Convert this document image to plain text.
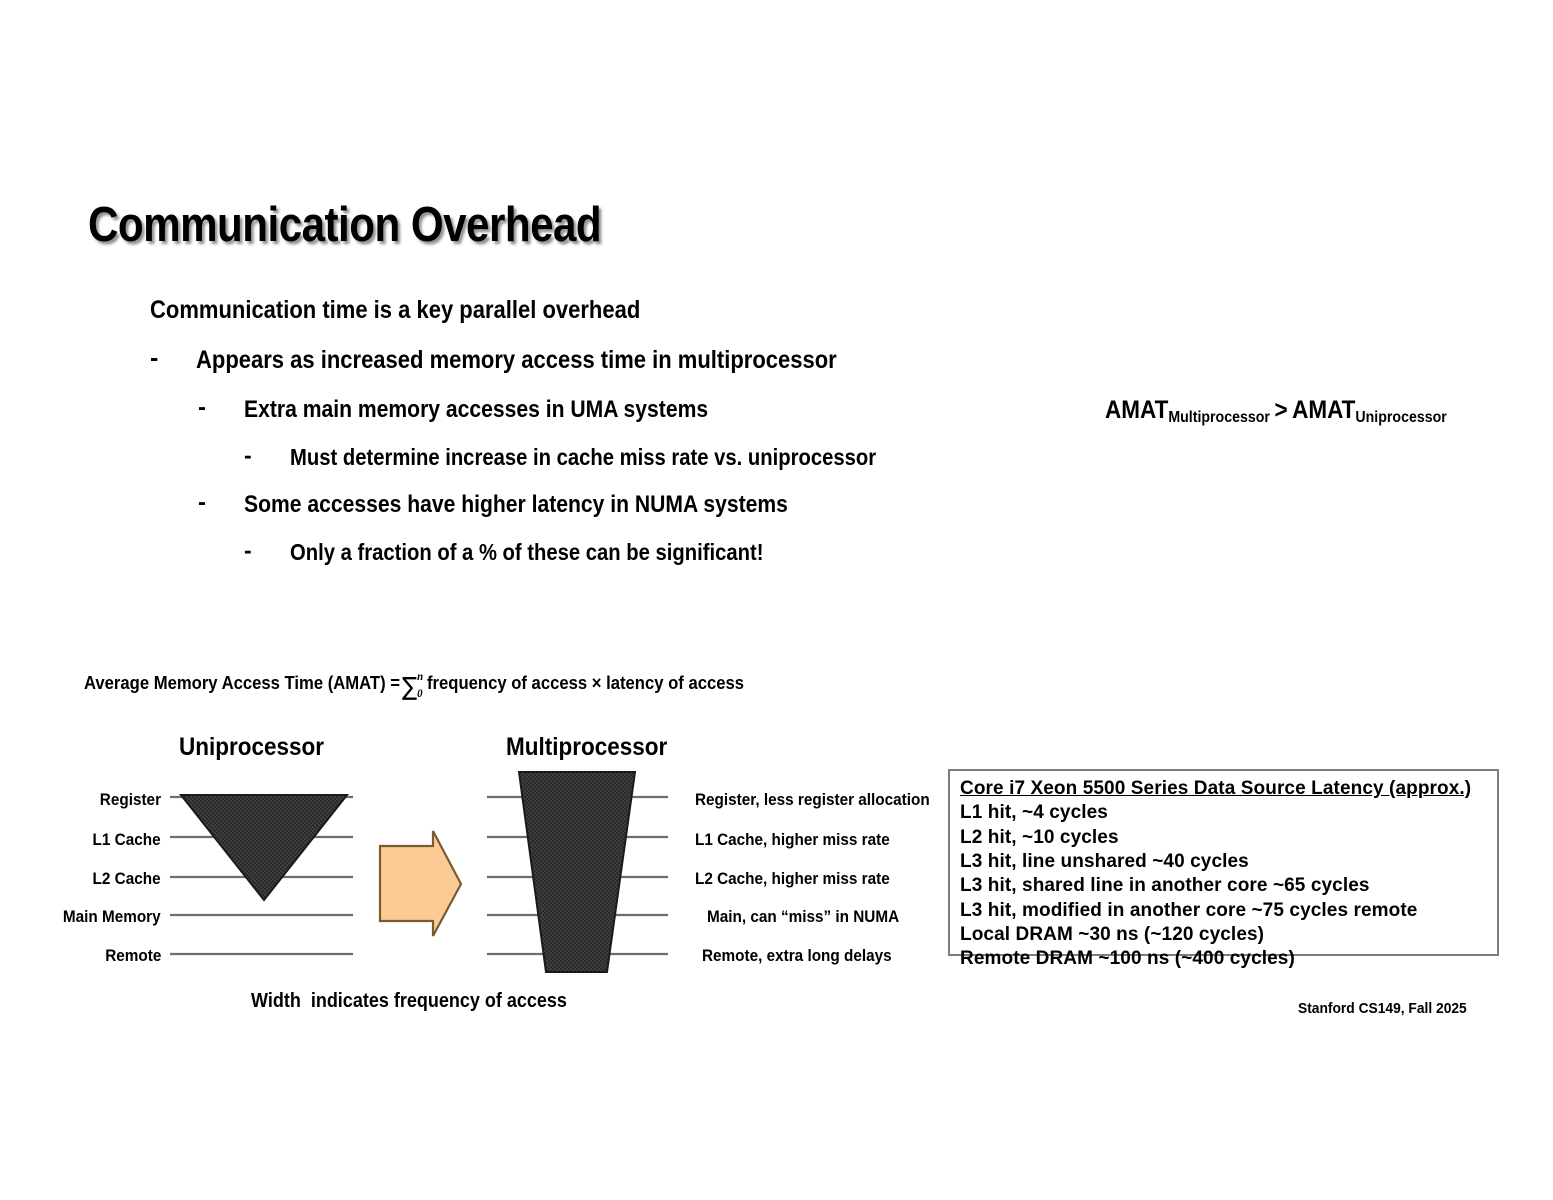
Communication Overhead
Communication time is a key parallel overhead
- Appears as increased memory access time in multiprocessor
- Extra main memory accesses in UMA systems
- Must determine increase in cache miss rate vs. uniprocessor
- Some accesses have higher latency in NUMA systems
- Only a fraction of a % of these can be significant!
$AMAT_{Multiprocessor}$ > $AMAT_{Uniprocessor}$
Average Memory Access Time (AMAT) = ∑ n
0
frequency of access × latency of access
Uniprocessor	Multiprocessor
Register
L1 Cache
L2 Cache
Main Memory
Remote
Register, less register allocation
L1 Cache, higher miss rate
L2 Cache, higher miss rate
Main, can “miss” in NUMA
Remote, extra long delays
Width  indicates frequency of access
Core i7 Xeon 5500 Series Data Source Latency (approx.)
L1 hit, ~4 cycles
L2 hit, ~10 cycles
L3 hit, line unshared ~40 cycles
L3 hit, shared line in another core ~65 cycles
L3 hit, modified in another core ~75 cycles remote
Local DRAM ~30 ns (~120 cycles)
Remote DRAM ~100 ns (~400 cycles)
Stanford CS149, Fall 2025
